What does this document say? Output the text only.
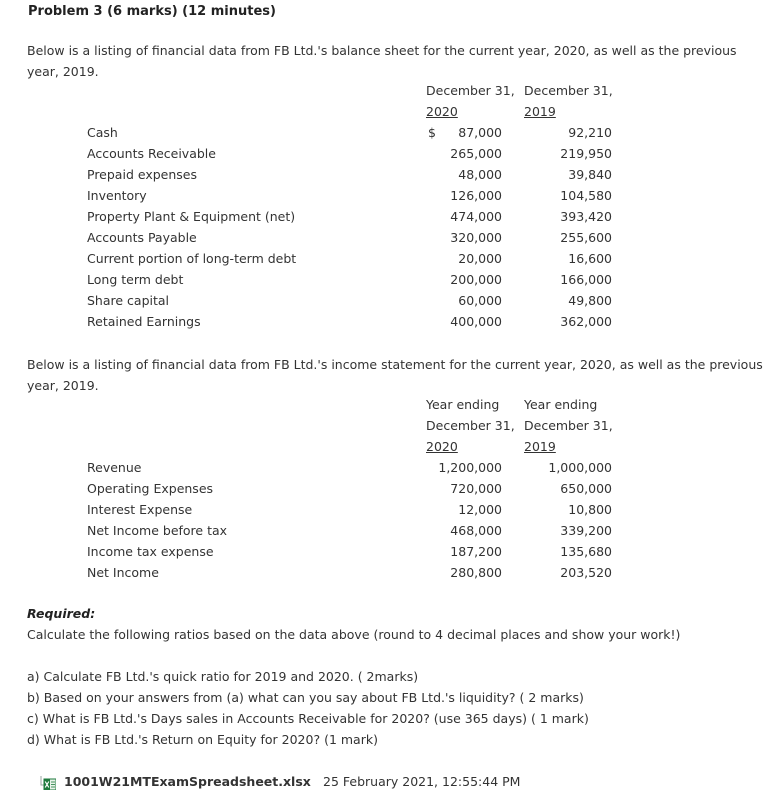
Problem 3 (6 marks) (12 minutes)
Below is a listing of financial data from FB Ltd.'s balance sheet for the current year, 2020, as well as the previous year, 2019.
December 31,
2020
December 31,
2019
$
Cash	87,000	92,210
Accounts Receivable	265,000	219,950
Prepaid expenses	48,000	39,840
Inventory	126,000	104,580
Property Plant & Equipment (net)	474,000	393,420
Accounts Payable	320,000	255,600
Current portion of long-term debt	20,000	16,600
Long term debt	200,000	166,000
Share capital	60,000	49,800
Retained Earnings	400,000	362,000
Below is a listing of financial data from FB Ltd.'s income statement for the current year, 2020, as well as the previous year, 2019.
Year ending
December 31,
2020
Year ending
December 31,
2019
Revenue	1,200,000	1,000,000
Operating Expenses	720,000	650,000
Interest Expense	12,000	10,800
Net Income before tax	468,000	339,200
Income tax expense	187,200	135,680
Net Income	280,800	203,520
Required:
Calculate the following ratios based on the data above (round to 4 decimal places and show your work!)
a) Calculate FB Ltd.'s quick ratio for 2019 and 2020. ( 2marks)
b) Based on your answers from (a) what can you say about FB Ltd.'s liquidity? ( 2 marks)
c) What is FB Ltd.'s Days sales in Accounts Receivable for 2020? (use 365 days) ( 1 mark)
d) What is FB Ltd.'s Return on Equity for 2020? (1 mark)
1001W21MTExamSpreadsheet.xlsx 25 February 2021, 12:55:44 PM
